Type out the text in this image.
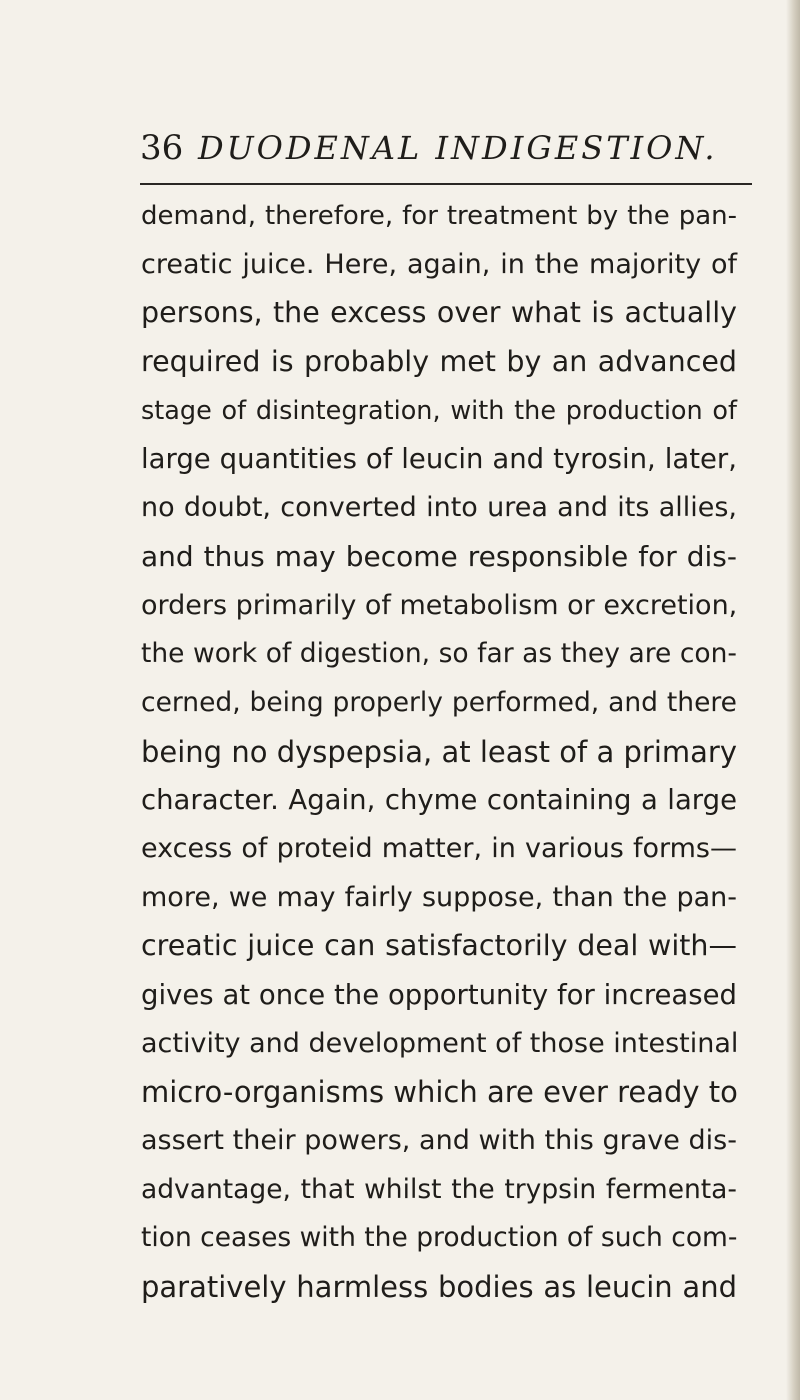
36 DUODENAL INDIGESTION.
demand, therefore, for treatment by the pan-
creatic juice. Here, again, in the majority of
persons, the excess over what is actually
required is probably met by an advanced
stage of disintegration, with the production of
large quantities of leucin and tyrosin, later,
no doubt, converted into urea and its allies,
and thus may become responsible for dis-
orders primarily of metabolism or excretion,
the work of digestion, so far as they are con-
cerned, being properly performed, and there
being no dyspepsia, at least of a primary
character. Again, chyme containing a large
excess of proteid matter, in various forms—
more, we may fairly suppose, than the pan-
creatic juice can satisfactorily deal with—
gives at once the opportunity for increased
activity and development of those intestinal
micro-organisms which are ever ready to
assert their powers, and with this grave dis-
advantage, that whilst the trypsin fermenta-
tion ceases with the production of such com-
paratively harmless bodies as leucin and
